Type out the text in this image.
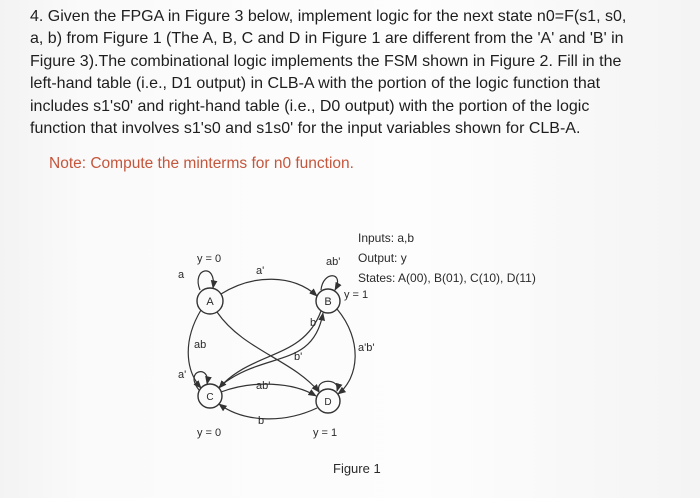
4. Given the FPGA in Figure 3 below, implement logic for the next state n0=F(s1, s0,
a, b) from Figure 1 (The A, B, C and D in Figure 1 are different from the 'A' and 'B' in
Figure 3).The combinational logic implements the FSM shown in Figure 2. Fill in the
left-hand table (i.e., D1 output) in CLB-A with the portion of the logic function that
includes s1's0' and right-hand table (i.e., D0 output) with the portion of the logic
function that involves s1's0 and s1s0' for the input variables shown for CLB-A.
Note: Compute the minterms for n0 function.
Inputs: a,b
Output: y
States: A(00), B(01), C(10), D(11)
A	B
C	D
y = 0
y = 1
y = 0	y = 1
a	a'
ab'
b
a'
b'
ab
ab'
b
a'b'
Figure 1
